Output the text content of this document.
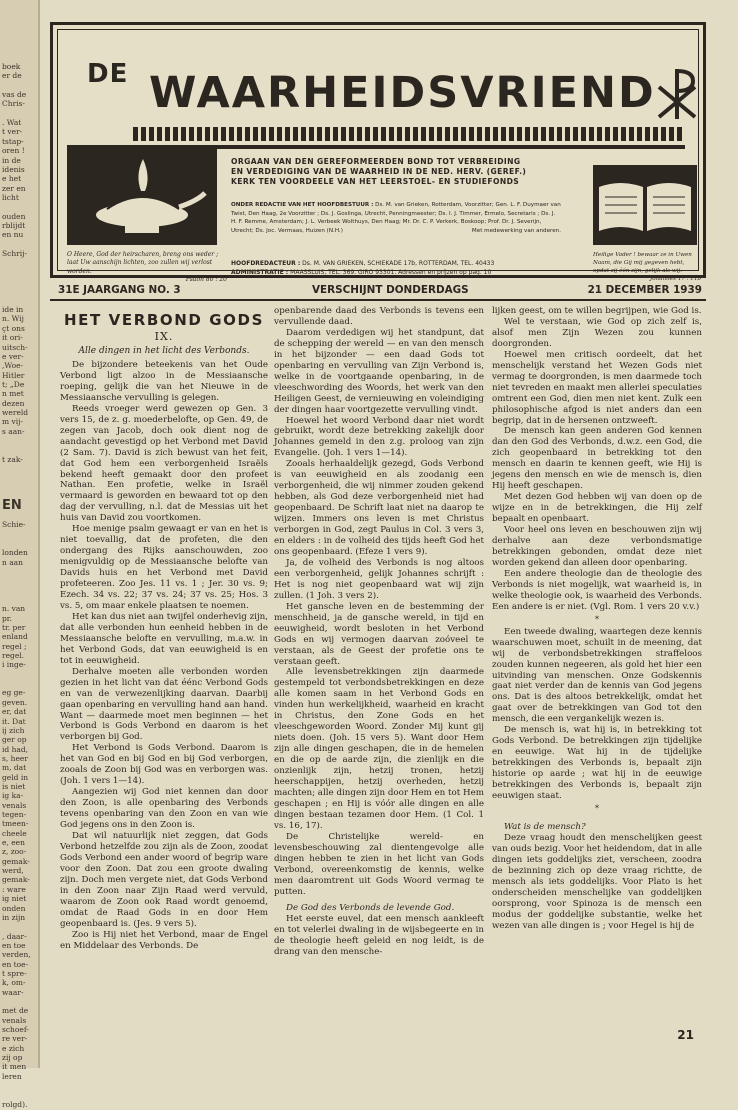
boek
er de
vas de
Chris-
. Wat
t ver-
tstap-
oren !
in de
idenis
e het
zer en
licht
ouden
rblijdt
en nu
Schrij-
ide in
n. Wij
çt ons
it ori-
uitsch-
e ver-
,Woe-
Hitler
t; „De
n met
dezen
wereld
m vij-
s aan-
t zak-
EN
Schie-
londen
n aan
n. van
pr.
tr. per
enland
regel ;
regel.
i inge-
eg ge-
geven.
er, dat
it. Dat
ij zich
ger op
id had,
s, heer
m, dat
geld in
is niet
ig ka-
venals
tegen-
tmeen-
cheele
e, een
z, zoo-
gemak-
werd,
gemak-
: ware
ig niet
onden
in zijn
, daar-
en toe
verden,
en toe-
t spre-
k, om-
waar-
met de
venals
schoef-
re ver-
e zich
zij op
it men
leren
rolgd).
DE WAARHEIDSVRIEND
ORGAAN VAN DEN GEREFORMEERDEN BOND TOT VERBREIDING
EN VERDEDIGING VAN DE WAARHEID IN DE NED. HERV. (GEREF.)
KERK TEN VOORDEELE VAN HET LEERSTOEL- EN STUDIEFONDS
ONDER REDACTIE VAN HET HOOFDBESTUUR : Ds. M. van Grieken, Rotterdam, Voorzitter; Gen. L. F. Duymaer van Twist, Den Haag, 2e Voorzitter ; Ds. J. Goslinga, Utrecht, Penningmeester; Ds. I. J. Timmer, Ermelo, Secretaris ; Ds. J. H. F. Remme, Amsterdam; J. L. Verbeek Wolthuys, Den Haag; Mr. Dr. C. P. Verkerk, Boskoop; Prof. Dr. J. Severijn, Utrecht; Ds. Joc. Vermaas, Huizen (N.H.)	Met medewerking van anderen.
HOOFDREDACTEUR : Ds. M. VAN GRIEKEN, SCHIEKADE 17b, ROTTERDAM, TEL. 40433
ADMINISTRATIE : MAASSLUIS, TEL. 369. GIRO 93301. Adressen en prijzen op pag. 10
O Heere, God der heirscharen, breng ons weder ; laat Uw aanschijn lichten, zoo zullen wij verlost worden.
Psalm 80 : 20
Heilige Vader ! bewaar ze in Uwen Naam, die Gij mij gegeven hebt, opdat zij één zijn, gelijk als wij.
Johannes 17 : 11b
31E JAARGANG NO. 3	VERSCHIJNT DONDERDAGS	21 DECEMBER 1939
HET VERBOND GODS
IX.
Alle dingen in het licht des Verbonds.

De bijzondere beteekenis van het Oude Verbond ligt alzoo in de Messiaansche roeping, gelijk die van het Nieuwe in de Messiaansche vervulling is gelegen.

Reeds vroeger werd gewezen op Gen. 3 vers 15, de z. g. moederbelofte, op Gen. 49, de zegen van Jacob, doch ook dient nog de aandacht gevestigd op het Verbond met David (2 Sam. 7). David is zich bewust van het feit, dat God hem een verborgenheid Israëls bekend heeft gemaakt door den profeet Nathan. Een profetie, welke in Israël vermaard is geworden en bewaard tot op den dag der vervulling, n.l. dat de Messias uit het huis van David zou voortkomen.

Hoe menige psalm gewaagt er van en het is niet toevallig, dat de profeten, die den ondergang des Rijks aanschouwden, zoo menigvuldig op de Messiaansche belofte van Davids huis en het Verbond met David profeteeren. Zoo Jes. 11 vs. 1 ; Jer. 30 vs. 9; Ezech. 34 vs. 22; 37 vs. 24; 37 vs. 25; Hos. 3 vs. 5, om maar enkele plaatsen te noemen.

Het kan dus niet aan twijfel onderhevig zijn, dat alle verbonden hun eenheid hebben in de Messiaansche belofte en vervulling, m.a.w. in het Verbond Gods, dat van eeuwigheid is en tot in eeuwigheid.

Derhalve moeten alle verbonden worden gezien in het licht van dat éénc Verbond Gods en van de verwezenlijking daarvan. Daarbij gaan openbaring en vervulling hand aan hand. Want — daarmede moet men beginnen — het Verbond is Gods Verbond en daarom is het verborgen bij God.

Het Verbond is Gods Verbond. Daarom is het van God en bij God en bij God verborgen, zooals de Zoon bij God was en verborgen was. (Joh. 1 vers 1—14).

Aangezien wij God niet kennen dan door den Zoon, is alle openbaring des Verbonds tevens openbaring van den Zoon en van wie God jegens ons in den Zoon is.

Dat wil natuurlijk niet zeggen, dat Gods Verbond hetzelfde zou zijn als de Zoon, zoodat Gods Verbond een ander woord of begrip ware voor den Zoon. Dat zou een groote dwaling zijn. Doch men vergete niet, dat Gods Verbond in den Zoon naar Zijn Raad werd vervuld, waarom de Zoon ook Raad wordt genoemd, omdat de Raad Gods in en door Hem geopenbaard is. (Jes. 9 vers 5).

Zoo is Hij niet het Verbond, maar de Engel en Middelaar des Verbonds. De

openbarende daad des Verbonds is tevens een vervullende daad.

Daarom verdedigen wij het standpunt, dat de schepping der wereld — en van den mensch in het bijzonder — een daad Gods tot openbaring en vervulling van Zijn Verbond is, welke in de voortgaande openbaring, in de vleeschwording des Woords, het werk van den Heiligen Geest, de vernieuwing en voleindiging der dingen haar voortgezette vervulling vindt.

Hoewel het woord Verbond daar niet wordt gebruikt, wordt deze betrekking zakelijk door Johannes gemeld in den z.g. proloog van zijn Evangelie. (Joh. 1 vers 1—14).

Zooals herhaaldelijk gezegd, Gods Verbond is van eeuwigheid en als zoodanig een verborgenheid, die wij nimmer zouden gekend hebben, als God deze verborgenheid niet had geopenbaard. De Schrift laat niet na daarop te wijzen. Immers ons leven is met Christus verborgen in God, zegt Paulus in Col. 3 vers 3, en elders : in de volheid des tijds heeft God het ons geopenbaard. (Efeze 1 vers 9).

Ja, de volheid des Verbonds is nog altoos een verborgenheid, gelijk Johannes schrijft : Het is nog niet geopenbaard wat wij zijn zullen. (1 Joh. 3 vers 2).

Het gansche leven en de bestemming der menschheid, ja de gansche wereld, in tijd en eeuwigheid, wordt besloten in het Verbond Gods en wij vermogen daarvan zoóveel te verstaan, als de Geest der profetie ons te verstaan geeft.

Alle levensbetrekkingen zijn daarmede gestempeld tot verbondsbetrekkingen en deze alle komen saam in het Verbond Gods en vinden hun werkelijkheid, waarheid en kracht in Christus, den Zone Gods en het vleeschgeworden Woord. Zonder Mij kunt gij niets doen. (Joh. 15 vers 5). Want door Hem zijn alle dingen geschapen, die in de hemelen en die op de aarde zijn, die zienlijk en die onzienlijk zijn, hetzij tronen, hetzij heerschappijen, hetzij overheden, hetzij machten; alle dingen zijn door Hem en tot Hem geschapen ; en Hij is vóór alle dingen en alle dingen bestaan tezamen door Hem. (1 Col. 1 vs. 16, 17).

De Christelijke wereld- en levensbeschouwing zal dientengevolge alle dingen hebben te zien in het licht van Gods Verbond, overeenkomstig de kennis, welke men daaromtrent uit Gods Woord vermag te putten.

De God des Verbonds de levende God.

Het eerste euvel, dat een mensch aankleeft en tot velerlei dwaling in de wijsbegeerte en in de theologie heeft geleid en nog leidt, is de drang van den mensche-

lijken geest, om te willen begrijpen, wie God is.

Wel te verstaan, wie God op zich zelf is, alsof men Zijn Wezen zou kunnen doorgronden.

Hoewel men critisch oordeelt, dat het menschelijk verstand het Wezen Gods niet vermag te doorgronden, is men daarmede toch niet tevreden en maakt men allerlei speculaties omtrent een God, dien men niet kent. Zulk een philosophische afgod is niet anders dan een begrip, dat in de hersenen ontzweeft.

De mensch kan geen anderen God kennen dan den God des Verbonds, d.w.z. een God, die zich geopenbaard in betrekking tot den mensch en daarin te kennen geeft, wie Hij is jegens den mensch en wie de mensch is, dien Hij heeft geschapen.

Met dezen God hebben wij van doen op de wijze en in de betrekkingen, die Hij zelf bepaalt en openbaart.

Voor heel ons leven en beschouwen zijn wij derhalve aan deze verbondsmatige betrekkingen gebonden, omdat deze niet worden gekend dan alleen door openbaring.

Een andere theologie dan de theologie des Verbonds is niet mogelijk, wat waarheid is, in welke theologie ook, is waarheid des Verbonds. Een andere is er niet. (Vgl. Rom. 1 vers 20 v.v.)

*

Een tweede dwaling, waartegen deze kennis waarschuwen moet, schuilt in de meening, dat wij de verbondsbetrekkingen straffeloos zouden kunnen negeeren, als gold het hier een uitvinding van menschen. Onze Godskennis gaat niet verder dan de kennis van God jegens ons. Dat is des altoos betrekkelijk, omdat het gaat over de betrekkingen van God tot den mensch, die een vergankelijk wezen is.

De mensch is, wat hij is, in betrekking tot Gods Verbond. De betrekkingen zijn tijdelijke en eeuwige. Wat hij in de tijdelijke betrekkingen des Verbonds is, bepaalt zijn historie op aarde ; wat hij in de eeuwige betrekkingen des Verbonds is, bepaalt zijn eeuwigen staat.

*

Wat is de mensch?

Deze vraag houdt den menschelijken geest van ouds bezig. Voor het heidendom, dat in alle dingen iets goddelijks ziet, verscheen, zoodra de bezinning zich op deze vraag richtte, de mensch als iets goddelijks. Voor Plato is het onderscheiden menschelijke van goddelijken oorsprong, voor Spinoza is de mensch een modus der goddelijke substantie, welke het wezen van alle dingen is ; voor Hegel is hij de

21
